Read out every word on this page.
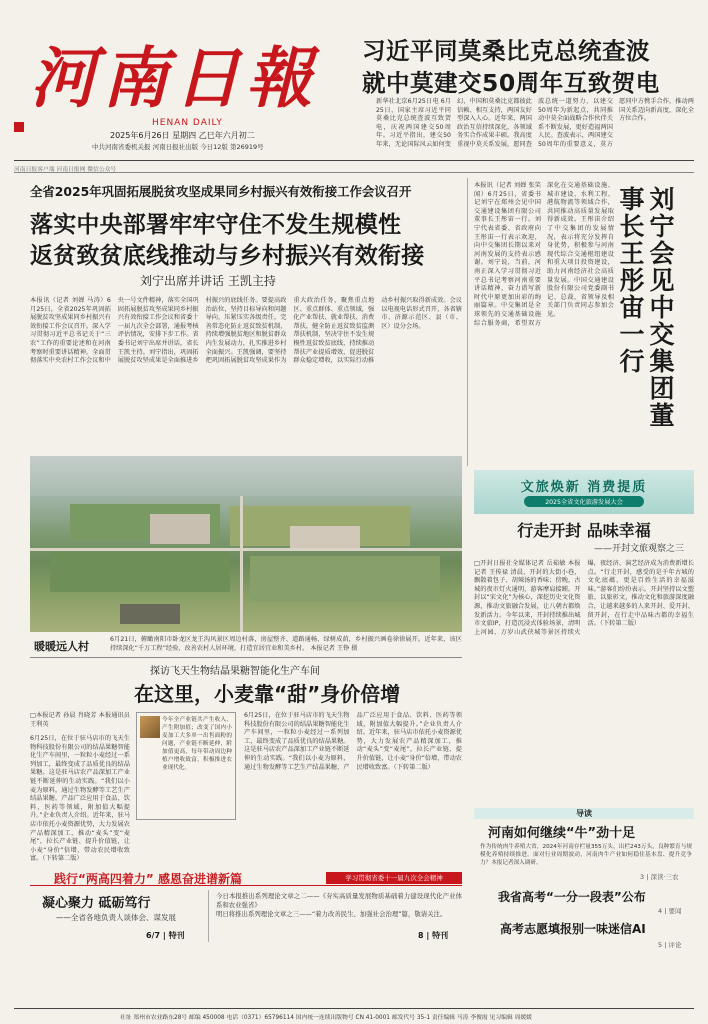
河南日報
HENAN DAILY
2025年6月26日 星期四 乙巳年六月初二
中共河南省委机关报 河南日报社出版 今日12版 第26919号
习近平同莫桑比克总统查波
就中莫建交50周年互致贺电
新华社北京6月25日电 6月25日，国家主席习近平同莫桑比克总统查波互致贺电，庆祝两国建交50周年。习近平指出，建交50年来，无论国际风云如何变幻，中国和莫桑比克都彼此信赖、相互支持，两国友好型深入人心。近年来，两国政治互信持续深化，各领域务实合作成果丰硕。我高度重视中莫关系发展，愿同查波总统一道努力，以建交50周年为新起点，共同推动中莫全面战略合作伙伴关系不断发展，更好造福两国人民。查波表示，两国建交50周年的重要意义，莫方愿同中方携手合作，推动两国关系迈向新高度，深化全方位合作。
河南日报客户端 河南日报网 微信公众号
全省2025年巩固拓展脱贫攻坚成果同乡村振兴有效衔接工作会议召开
落实中央部署牢牢守住不发生规模性
返贫致贫底线推动与乡村振兴有效衔接
刘宁出席并讲话 王凯主持
本报讯（记者 刘婵 马涛）6月25日，全省2025年巩固拓展脱贫攻坚成果同乡村振兴有效衔接工作会议召开。深入学习贯彻习近平总书记关于“三农”工作的重要论述和在河南考察时重要讲话精神，全面贯彻落实中央农村工作会议和中央一号文件精神，落实全国巩固拓展脱贫攻坚成果同乡村振兴有效衔接工作会议和省委十一届九次全会部署，通报考核评估情况，安排下步工作。省委书记刘宁出席并讲话，省长王凯主持。刘宁指出，巩固拓展脱贫攻坚成果是全面推进乡村振兴的底线任务。要提高政治站位，坚持目标导向和问题导向，压紧压实各级责任，完善常态化防止返贫致贫机制，持续增强脱贫地区和脱贫群众内生发展动力，扎实推进乡村全面振兴。王凯强调，要坚持把巩固拓展脱贫攻坚成果作为重大政治任务，聚焦重点地区、重点群体、重点领域，强化产业帮扶、就业帮扶、消费帮扶，健全防止返贫致贫监测帮扶机制，坚决守住不发生规模性返贫致贫底线，持续推动帮扶产业提质增效，促进脱贫群众稳定增收，以实际行动推动乡村振兴取得新成效。会议以电视电话形式召开，各省辖市、济源示范区、县（市、区）设分会场。
本报讯（记者 刘婵 张笑闻）6月25日，省委书记刘宁在郑州会见中国交通建设集团有限公司董事长王彤宙一行。刘宁代表省委、省政府向王彤宙一行表示欢迎，向中交集团长期以来对河南发展的支持表示感谢。刘宁说，当前，河南正深入学习贯彻习近平总书记考察河南重要讲话精神，奋力谱写新时代中原更加出彩的绚丽篇章。中交集团是全球领先的交通基础设施综合服务商，希望双方深化在交通基础设施、城市建设、水利工程、港航物流等领域合作，共同推动高质量发展取得新成效。王彤宙介绍了中交集团的发展情况，表示将充分发挥自身优势，积极参与河南现代综合交通枢纽建设和重大项目投资建设，助力河南经济社会高质量发展。中国交通建设股份有限公司党委副书记、总裁，省领导及相关部门负责同志参加会见。	刘宁会见中交集团董事长王彤宙一行
暖暖远人村
6月21日，俯瞰南阳市卧龙区龙王沟风景区周边村落，房屋整齐、道路通畅、绿树成荫，乡村振兴画卷徐徐展开。近年来，该区持续深化“千万工程”经验，改善农村人居环境，打造宜居宜业和美乡村。 本报记者 王铮 摄
文旅焕新 消费提质
2025全省文化旅游发展大会
行走开封 品味幸福
——开封文旅观察之三
□开封日报社全媒体记者 岳茹敏 本报记者 王传禄 清晨，开封的大街小巷，飘散着包子、胡辣汤的香味；傍晚，古城的夜市灯火通明，游客摩肩接踵。开封以“宋文化”为核心，深挖历史文化资源，推动文旅融合发展，让八朝古都焕发新活力。今年以来，开封持续推出城市文旅IP，打造沉浸式体验场景，清明上河园、万岁山武侠城等景区持续火爆，夜经济、演艺经济成为消费新增长点。“行走开封，感受的是千年古城的文化底蕴，更是百姓生活的幸福滋味。”游客们纷纷表示。开封坚持以文塑旅、以旅彰文，推动文化和旅游深度融合，让越来越多的人来开封、爱开封、留开封，在行走中品味古都的幸福生活。（下转第二版）
探访飞天生物结晶果糖智能化生产车间
在这里，小麦靠“甜”身价倍增
□本报记者 孙晨 肖晓芳 本报通讯员 王利英
6月25日，在位于驻马店市的飞天生物科技股份有限公司的结晶果糖智能化生产车间里，一粒粒小麦经过一系列加工，最终变成了品质优良的结晶果糖。这是驻马店农产品深加工产业链不断延伸的生动实践。“我们以小麦为原料，通过生物发酵等工艺生产结晶果糖，产品广泛应用于食品、饮料、医药等领域，附加值大幅提升。”企业负责人介绍。近年来，驻马店市依托小麦资源优势，大力发展农产品精深加工，推动“麦头”变“麦尾”，拉长产业链、提升价值链，让小麦“身价”倍增，带动农民增收致富。（下转第二版）
今年全产业链共产生收入，产生附加值；改变了国内小麦加工大多单一出售面粉的问题，产业链不断延伸，附加值更高，每年带动周边种植户增收致富，积极推进农业现代化。
6月25日，在位于驻马店市的飞天生物科技股份有限公司的结晶果糖智能化生产车间里，一粒粒小麦经过一系列加工，最终变成了品质优良的结晶果糖。这是驻马店农产品深加工产业链不断延伸的生动实践。“我们以小麦为原料，通过生物发酵等工艺生产结晶果糖，产品广泛应用于食品、饮料、医药等领域，附加值大幅提升。”企业负责人介绍。近年来，驻马店市依托小麦资源优势，大力发展农产品精深加工，推动“麦头”变“麦尾”，拉长产业链、提升价值链，让小麦“身价”倍增，带动农民增收致富。（下转第二版）
践行“两高四着力” 感恩奋进谱新篇	学习贯彻省委十一届九次全会精神
凝心聚力 砥砺笃行
——全省各地负责人谈体会、谋发展
6/7 | 特刊
今日本报推出系列理论文章之二——《夯实高质量发展物质基础着力建设现代化产业体系和农业强省》
明日将推出系列理论文章之三——“着力改善民生、加强社会治理”篇，敬请关注。
8 | 特刊
导读
河南如何继续“牛”劲十足
作为传统肉牛养殖大省，2024年河南存栏量355万头，出栏243万头，良种繁育与规模化养殖持续推进。面对行业周期波动，河南肉牛产业如何稳住基本盘、提升竞争力？本报记者深入调研。
3 | 深读·三农
我省高考“一分一段表”公布
4 | 要闻
高考志愿填报别一味迷信AI
5 | 评论
社址 郑州市农业路东28号 邮编 450008 电话（0371）65796114 国内统一连续出版物号 CN 41-0001 邮发代号 35-1 责任编辑 马涛 李俊霞 见习编辑 周媛媛
